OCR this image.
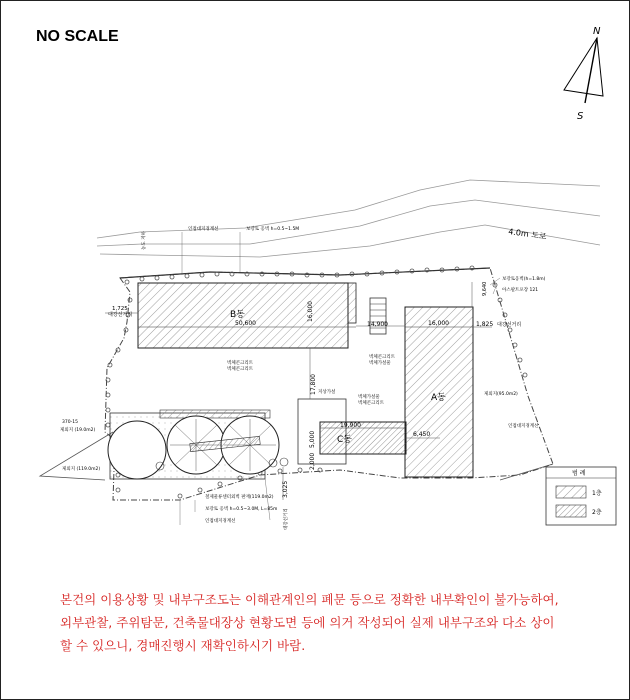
NO SCALE	N
S
4.0m 도로
B동
50,600
16,000
A동
16,000
C동
19,900
5,000
대강선거리
1,725
14,900	1,825 대강선거리
17,800
6,450
2,000
3,025
9,640
인접대지경계선	보강토 옹벽 h=0.5~1.5M
보강토옹벽(h=1.8m)
아스팔트포장 121
370-15
제외지 (19.0m2)
제외지 (119.0m2)
제외지(95.0m2)
인접대지경계선
벽체콘크리트
벽체콘크리트
벽체콘크리트
벽체가설물
지상가설
벽체가설물
벽체콘크리트
철제물류센터외벽 판재(119.0m2)
보강토 옹벽 h=0.5~3.0M, L=85m
인접대지경계선	대강선거리
농도 지하
범 례
1층
2층
본건의 이용상황 및 내부구조도는 이해관계인의 폐문 등으로 정확한 내부확인이 불가능하여,
외부관찰, 주위탐문, 건축물대장상 현황도면 등에 의거 작성되어 실제 내부구조와 다소 상이
할 수 있으니, 경매진행시 재확인하시기 바람.
